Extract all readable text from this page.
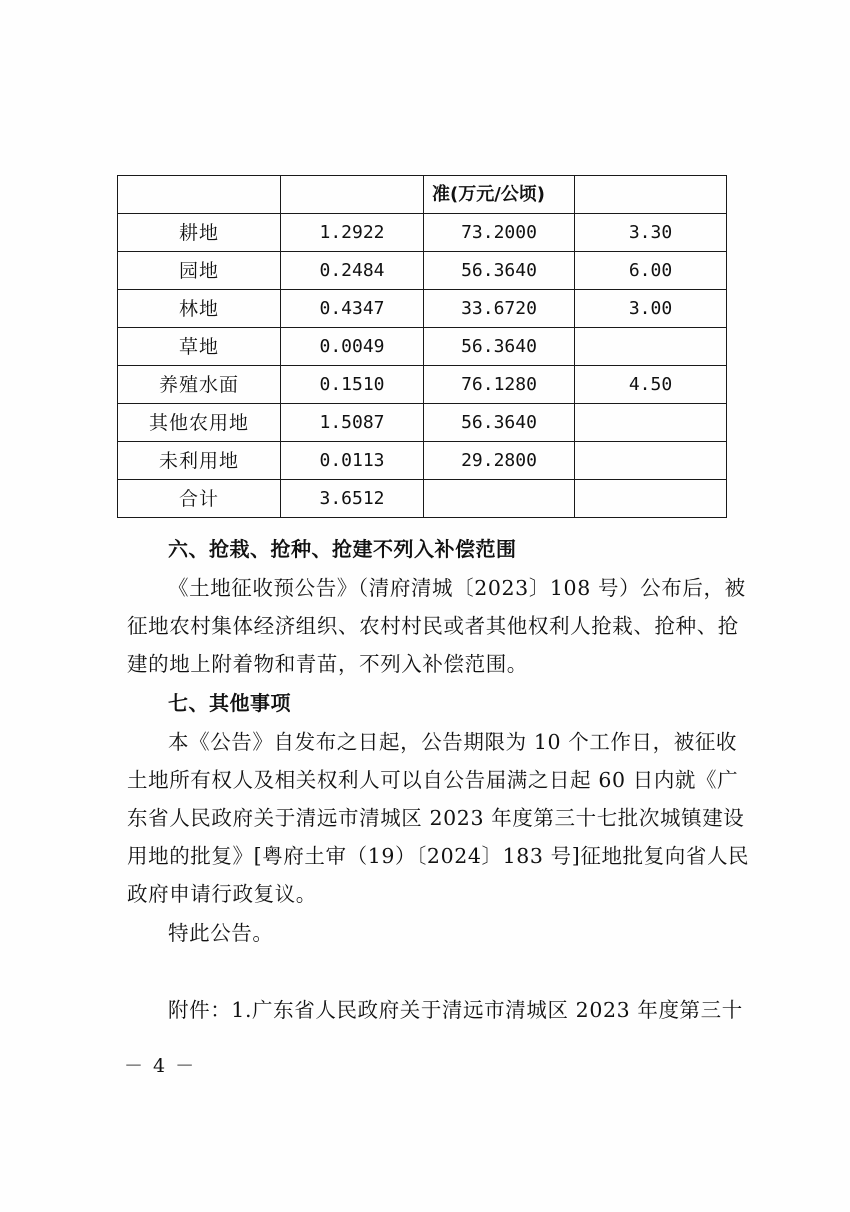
		准(万元/公顷)	
耕地	1.2922	73.2000	3.30
园地	0.2484	56.3640	6.00
林地	0.4347	33.6720	3.00
草地	0.0049	56.3640	
养殖水面	0.1510	76.1280	4.50
其他农用地	1.5087	56.3640	
未利用地	0.0113	29.2800	
合计	3.6512		
六、抢栽、抢种、抢建不列入补偿范围
《土地征收预公告》（清府清城〔2023〕108 号）公布后，被
征地农村集体经济组织、农村村民或者其他权利人抢栽、抢种、抢
建的地上附着物和青苗，不列入补偿范围。
七、其他事项
本《公告》自发布之日起，公告期限为 10 个工作日，被征收
土地所有权人及相关权利人可以自公告届满之日起 60 日内就《广
东省人民政府关于清远市清城区 2023 年度第三十七批次城镇建设
用地的批复》[粤府土审（19）〔2024〕183 号]征地批复向省人民
政府申请行政复议。
特此公告。
附件：1.广东省人民政府关于清远市清城区 2023 年度第三十
－ 4 －
